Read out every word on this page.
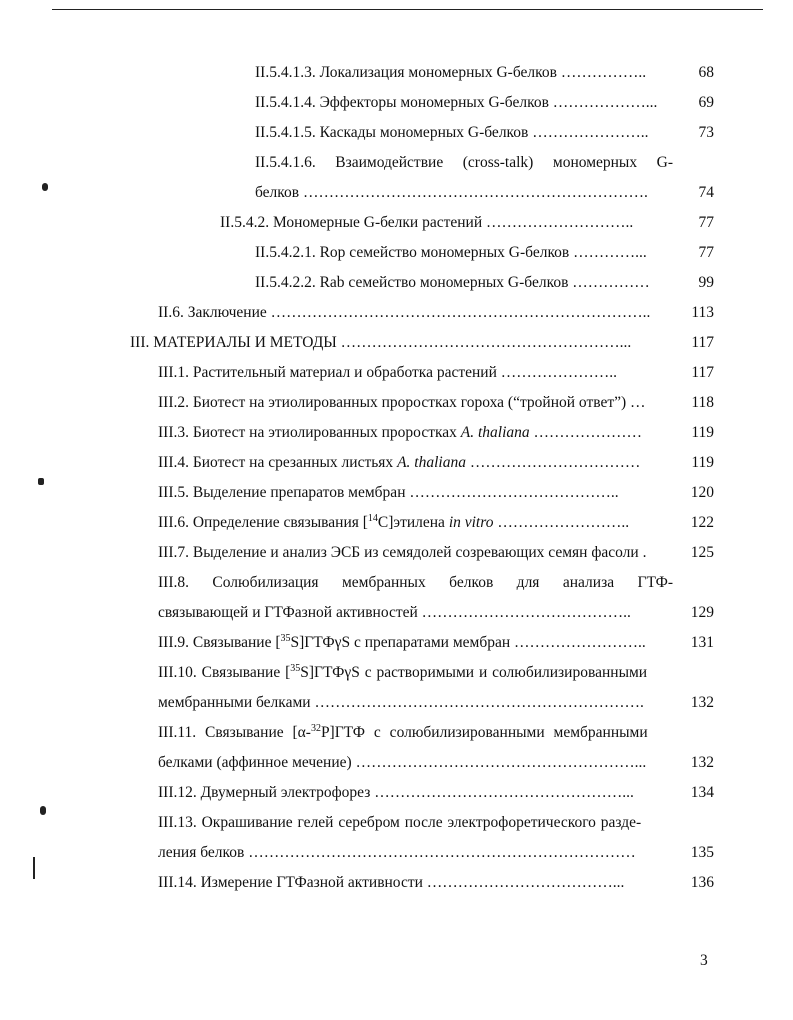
II.5.4.1.3. Локализация мономерных G-белков ……………..	68
II.5.4.1.4. Эффекторы мономерных G-белков ………………...	69
II.5.4.1.5. Каскады мономерных G-белков …………………..	73
II.5.4.1.6. Взаимодействие (cross-talk) мономерных G-
белков ………………………………………………………….	74
II.5.4.2. Мономерные G-белки растений ………………………..	77
II.5.4.2.1. Rop семейство мономерных G-белков …………...	77
II.5.4.2.2. Rab семейство мономерных G-белков ……………	99
II.6. Заключение ………………………………………………………………..	113
III. МАТЕРИАЛЫ И МЕТОДЫ ………………………………………………...	117
III.1. Растительный материал и обработка растений …………………..	117
III.2. Биотест на этиолированных проростках гороха (“тройной ответ”) …	118
III.3. Биотест на этиолированных проростках A. thaliana …………………	119
III.4. Биотест на срезанных листьях A. thaliana ……………………………	119
III.5. Выделение препаратов мембран …………………………………..	120
III.6. Определение связывания [$^{14}$C]этилена in vitro ……………………..	122
III.7. Выделение и анализ ЭСБ из семядолей созревающих семян фасоли .	125
III.8. Солюбилизация мембранных белков для анализа ГТФ-
связывающей и ГТФазной активностей …………………………………..	129
III.9. Связывание [$^{35}$S]ГТФγS с препаратами мембран ……………………..	131
III.10. Связывание [$^{35}$S]ГТФγS с растворимыми и солюбилизированными
мембранными белками ……………………………………………………….	132
III.11. Связывание [α-$^{32}$P]ГТФ с солюбилизированными мембранными
белками (аффинное мечение) ………………………………………………...	132
III.12. Двумерный электрофорез …………………………………………...	134
III.13. Окрашивание гелей серебром после электрофоретического разде-
ления белков …………………………………………………………………	135
III.14. Измерение ГТФазной активности ………………………………...	136
3
